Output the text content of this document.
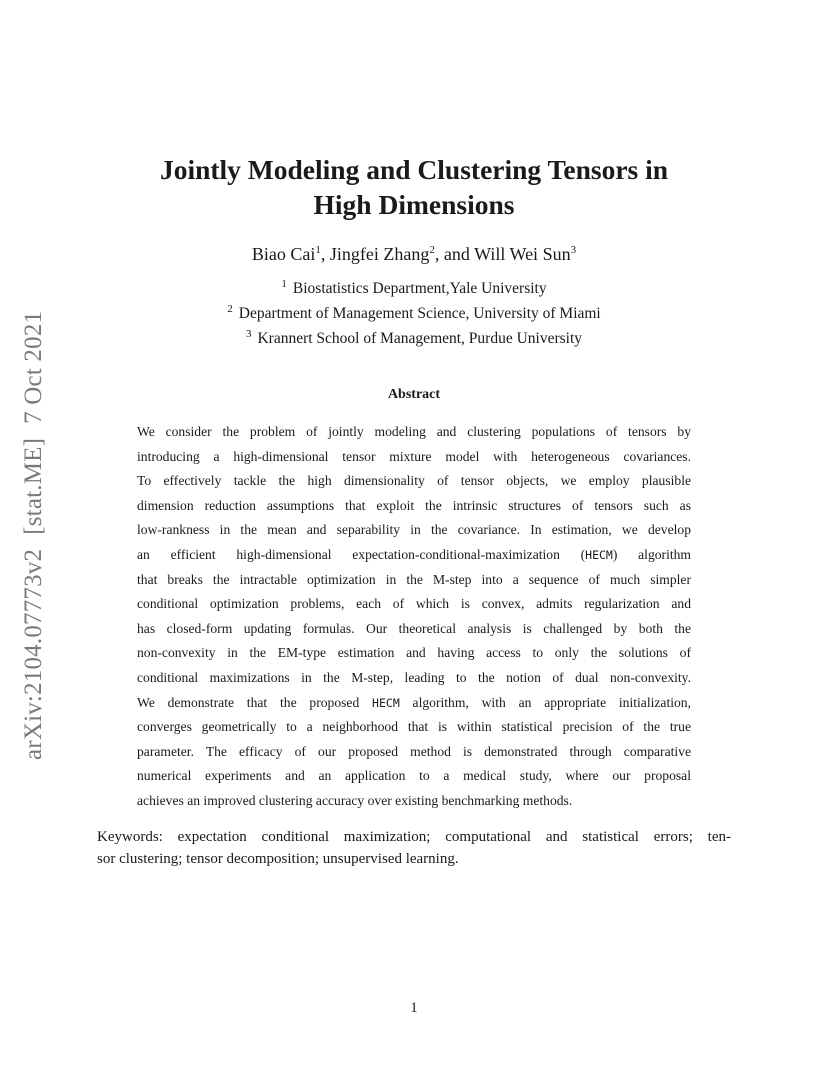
arXiv:2104.07773v2[stat.ME]7 Oct 2021
Jointly Modeling and Clustering Tensors in
High Dimensions
Biao Cai$^1$, Jingfei Zhang$^2$, and Will Wei Sun$^3$
$^1$ Biostatistics Department,Yale University
$^2$ Department of Management Science, University of Miami
$^3$ Krannert School of Management, Purdue University
Abstract
We consider the problem of jointly modeling and clustering populations of tensors by
introducing a high-dimensional tensor mixture model with heterogeneous covariances.
To effectively tackle the high dimensionality of tensor objects, we employ plausible
dimension reduction assumptions that exploit the intrinsic structures of tensors such as
low-rankness in the mean and separability in the covariance. In estimation, we develop
an efficient high-dimensional expectation-conditional-maximization (HECM) algorithm
that breaks the intractable optimization in the M-step into a sequence of much simpler
conditional optimization problems, each of which is convex, admits regularization and
has closed-form updating formulas. Our theoretical analysis is challenged by both the
non-convexity in the EM-type estimation and having access to only the solutions of
conditional maximizations in the M-step, leading to the notion of dual non-convexity.
We demonstrate that the proposed HECM algorithm, with an appropriate initialization,
converges geometrically to a neighborhood that is within statistical precision of the true
parameter. The efficacy of our proposed method is demonstrated through comparative
numerical experiments and an application to a medical study, where our proposal
achieves an improved clustering accuracy over existing benchmarking methods.
Keywords: expectation conditional maximization; computational and statistical errors; ten-
sor clustering; tensor decomposition; unsupervised learning.
1
